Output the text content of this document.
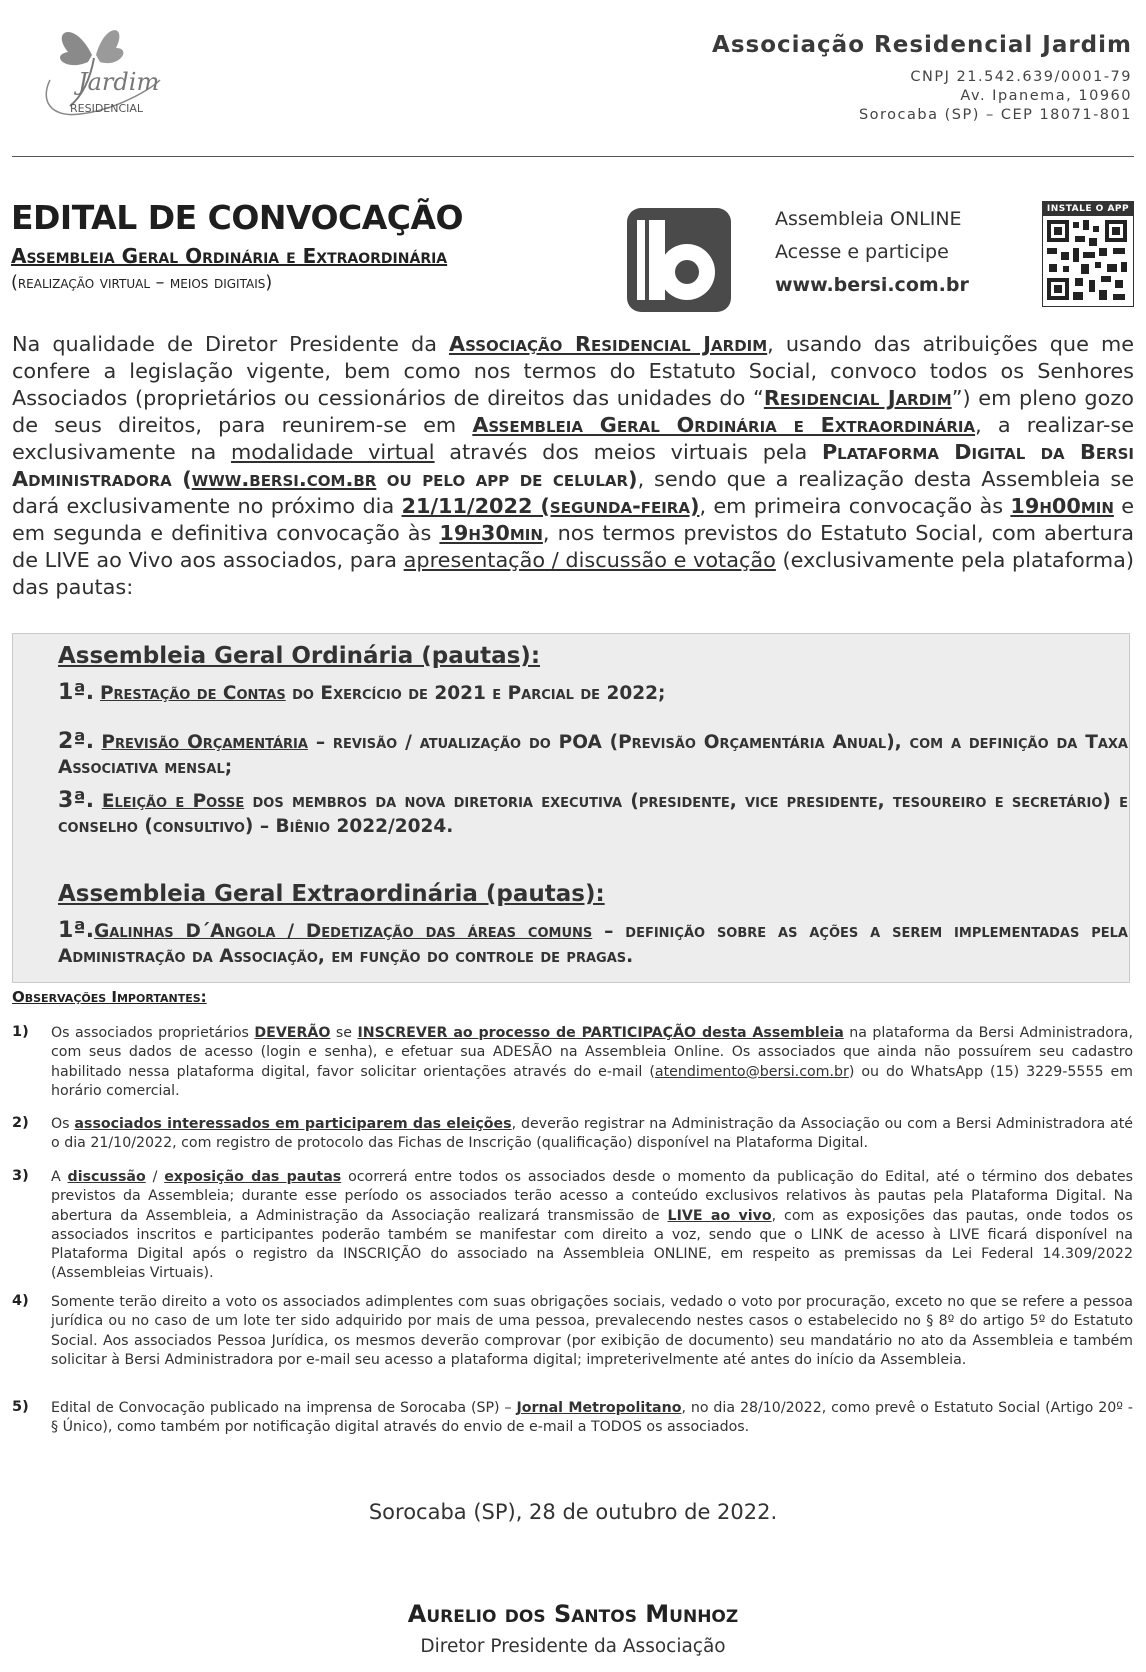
Jardim
RESIDENCIAL
Associação Residencial Jardim
CNPJ 21.542.639/0001-79
Av. Ipanema, 10960
Sorocaba (SP) – CEP 18071-801
EDITAL DE CONVOCAÇÃO
Assembleia Geral Ordinária e Extraordinária
(realização virtual – meios digitais)
Assembleia ONLINE
Acesse e participe
www.bersi.com.br
INSTALE O APP
Na qualidade de Diretor Presidente da Associação Residencial Jardim, usando das atribuições que me confere a legislação vigente, bem como nos termos do Estatuto Social, convoco todos os Senhores Associados (proprietários ou cessionários de direitos das unidades do “Residencial Jardim”) em pleno gozo de seus direitos, para reunirem-se em Assembleia Geral Ordinária e Extraordinária, a realizar-se exclusivamente na modalidade virtual através dos meios virtuais pela Plataforma Digital da Bersi Administradora (www.bersi.com.br ou pelo app de celular), sendo que a realização desta Assembleia se dará exclusivamente no próximo dia 21/11/2022 (segunda-feira), em primeira convocação às 19h00min e em segunda e definitiva convocação às 19h30min, nos termos previstos do Estatuto Social, com abertura de LIVE ao Vivo aos associados, para apresentação / discussão e votação (exclusivamente pela plataforma) das pautas:
Assembleia Geral Ordinária (pautas):
1ª. Prestação de Contas do Exercício de 2021 e Parcial de 2022;
2ª. Previsão Orçamentária – revisão / atualização do POA (Previsão Orçamentária Anual), com a definição da Taxa Associativa mensal;
3ª. Eleição e Posse dos membros da nova diretoria executiva (presidente, vice presidente, tesoureiro e secretário) e conselho (consultivo) – Biênio 2022/2024.
Assembleia Geral Extraordinária (pautas):
1ª.Galinhas D´Angola / Dedetização das áreas comuns – definição sobre as ações a serem implementadas pela Administração da Associação, em função do controle de pragas.
Observações Importantes:
1) Os associados proprietários DEVERÃO se INSCREVER ao processo de PARTICIPAÇÃO desta Assembleia na plataforma da Bersi Administradora, com seus dados de acesso (login e senha), e efetuar sua ADESÃO na Assembleia Online. Os associados que ainda não possuírem seu cadastro habilitado nessa plataforma digital, favor solicitar orientações através do e-mail (atendimento@bersi.com.br) ou do WhatsApp (15) 3229-5555 em horário comercial.
2) Os associados interessados em participarem das eleições, deverão registrar na Administração da Associação ou com a Bersi Administradora até o dia 21/10/2022, com registro de protocolo das Fichas de Inscrição (qualificação) disponível na Plataforma Digital.
3) A discussão / exposição das pautas ocorrerá entre todos os associados desde o momento da publicação do Edital, até o término dos debates previstos da Assembleia; durante esse período os associados terão acesso a conteúdo exclusivos relativos às pautas pela Plataforma Digital. Na abertura da Assembleia, a Administração da Associação realizará transmissão de LIVE ao vivo, com as exposições das pautas, onde todos os associados inscritos e participantes poderão também se manifestar com direito a voz, sendo que o LINK de acesso à LIVE ficará disponível na Plataforma Digital após o registro da INSCRIÇÃO do associado na Assembleia ONLINE, em respeito as premissas da Lei Federal 14.309/2022 (Assembleias Virtuais).
4) Somente terão direito a voto os associados adimplentes com suas obrigações sociais, vedado o voto por procuração, exceto no que se refere a pessoa jurídica ou no caso de um lote ter sido adquirido por mais de uma pessoa, prevalecendo nestes casos o estabelecido no § 8º do artigo 5º do Estatuto Social. Aos associados Pessoa Jurídica, os mesmos deverão comprovar (por exibição de documento) seu mandatário no ato da Assembleia e também solicitar à Bersi Administradora por e-mail seu acesso a plataforma digital; impreterivelmente até antes do início da Assembleia.
5) Edital de Convocação publicado na imprensa de Sorocaba (SP) – Jornal Metropolitano, no dia 28/10/2022, como prevê o Estatuto Social (Artigo 20º - § Único), como também por notificação digital através do envio de e-mail a TODOS os associados.
Sorocaba (SP), 28 de outubro de 2022.
Aurelio dos Santos Munhoz
Diretor Presidente da Associação
